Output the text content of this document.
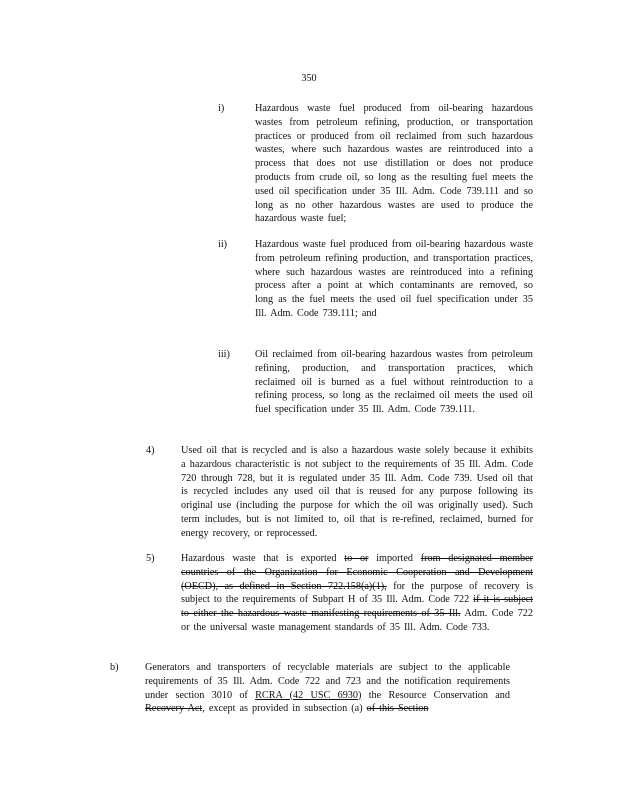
350
i)	Hazardous waste fuel produced from oil-bearing hazardous wastes from petroleum refining, production, or transportation practices or produced from oil reclaimed from such hazardous wastes, where such hazardous wastes are reintroduced into a process that does not use distillation or does not produce products from crude oil, so long as the resulting fuel meets the used oil specification under 35 Ill. Adm. Code 739.111 and so long as no other hazardous wastes are used to produce the hazardous waste fuel;
ii)	Hazardous waste fuel produced from oil-bearing hazardous waste from petroleum refining production, and transportation practices, where such hazardous wastes are reintroduced into a refining process after a point at which contaminants are removed, so long as the fuel meets the used oil fuel specification under 35 Ill. Adm. Code 739.111; and
iii) Oil reclaimed from oil-bearing hazardous wastes from petroleum refining, production, and transportation practices, which reclaimed oil is burned as a fuel without reintroduction to a refining process, so long as the reclaimed oil meets the used oil fuel specification under 35 Ill. Adm. Code 739.111.
4)	Used oil that is recycled and is also a hazardous waste solely because it exhibits a hazardous characteristic is not subject to the requirements of 35 Ill. Adm. Code 720 through 728, but it is regulated under 35 Ill. Adm. Code 739. Used oil that is recycled includes any used oil that is reused for any purpose following its original use (including the purpose for which the oil was originally used). Such term includes, but is not limited to, oil that is re-refined, reclaimed, burned for energy recovery, or reprocessed.
5)	Hazardous waste that is exported to or imported from designated member countries of the Organization for Economic Cooperation and Development (OECD), as defined in Section 722.158(a)(1), for the purpose of recovery is subject to the requirements of Subpart H of 35 Ill. Adm. Code 722 if it is subject to either the hazardous waste manifesting requirements of 35 Ill. Adm. Code 722 or the universal waste management standards of 35 Ill. Adm. Code 733.
b)	Generators and transporters of recyclable materials are subject to the applicable requirements of 35 Ill. Adm. Code 722 and 723 and the notification requirements under section 3010 of RCRA (42 USC 6930) the Resource Conservation and Recovery Act, except as provided in subsection (a) of this Section
